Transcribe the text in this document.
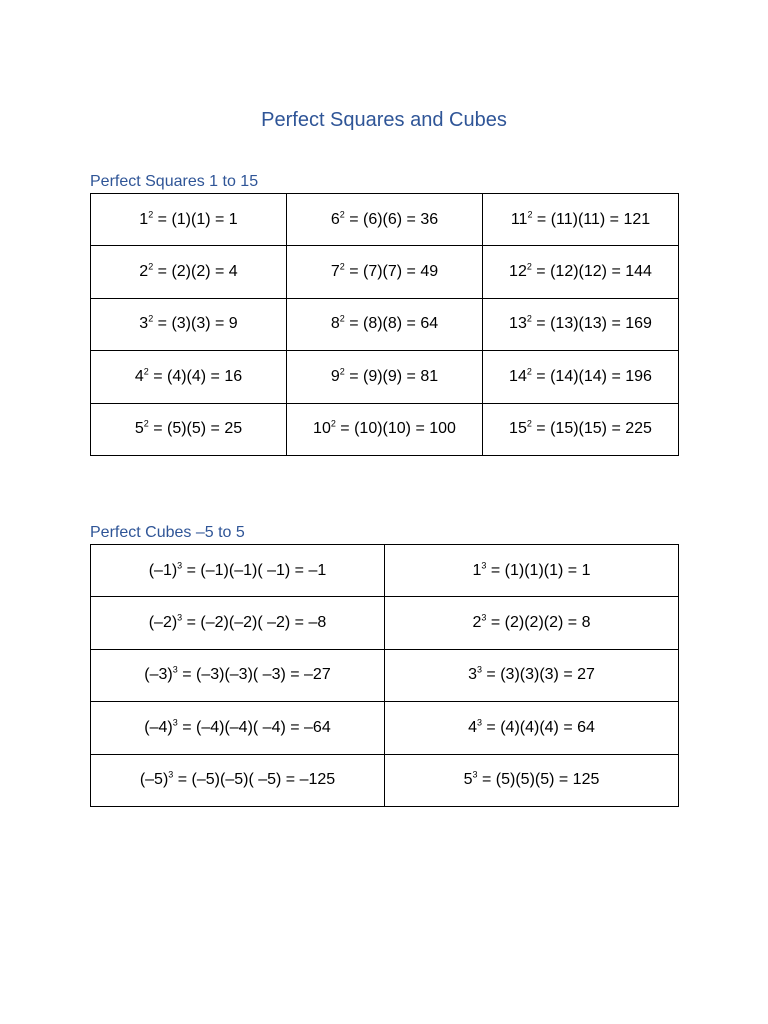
Perfect Squares and Cubes
Perfect Squares 1 to 15
$1^2 = (1)(1) = 1$	$6^2 = (6)(6) = 36$	$11^2 = (11)(11) = 121$
$2^2 = (2)(2) = 4$	$7^2 = (7)(7) = 49$	$12^2 = (12)(12) = 144$
$3^2 = (3)(3) = 9$	$8^2 = (8)(8) = 64$	$13^2 = (13)(13) = 169$
$4^2 = (4)(4) = 16$	$9^2 = (9)(9) = 81$	$14^2 = (14)(14) = 196$
$5^2 = (5)(5) = 25$	$10^2 = (10)(10) = 100$	$15^2 = (15)(15) = 225$
Perfect Cubes –5 to 5
$(-1)^3 = (-1)(-1)$( –1) = –1	$1^3 = (1)(1)(1) = 1$
$(-2)^3 = (-2)(-2)$( –2) = –8	$2^3 = (2)(2)(2) = 8$
$(-3)^3 = (-3)(-3)$( –3) = –27	$3^3 = (3)(3)(3) = 27$
$(-4)^3 = (-4)(-4)$( –4) = –64	$4^3 = (4)(4)(4) = 64$
$(-5)^3 = (-5)(-5)$( –5) = –125	$5^3 = (5)(5)(5) = 125$
